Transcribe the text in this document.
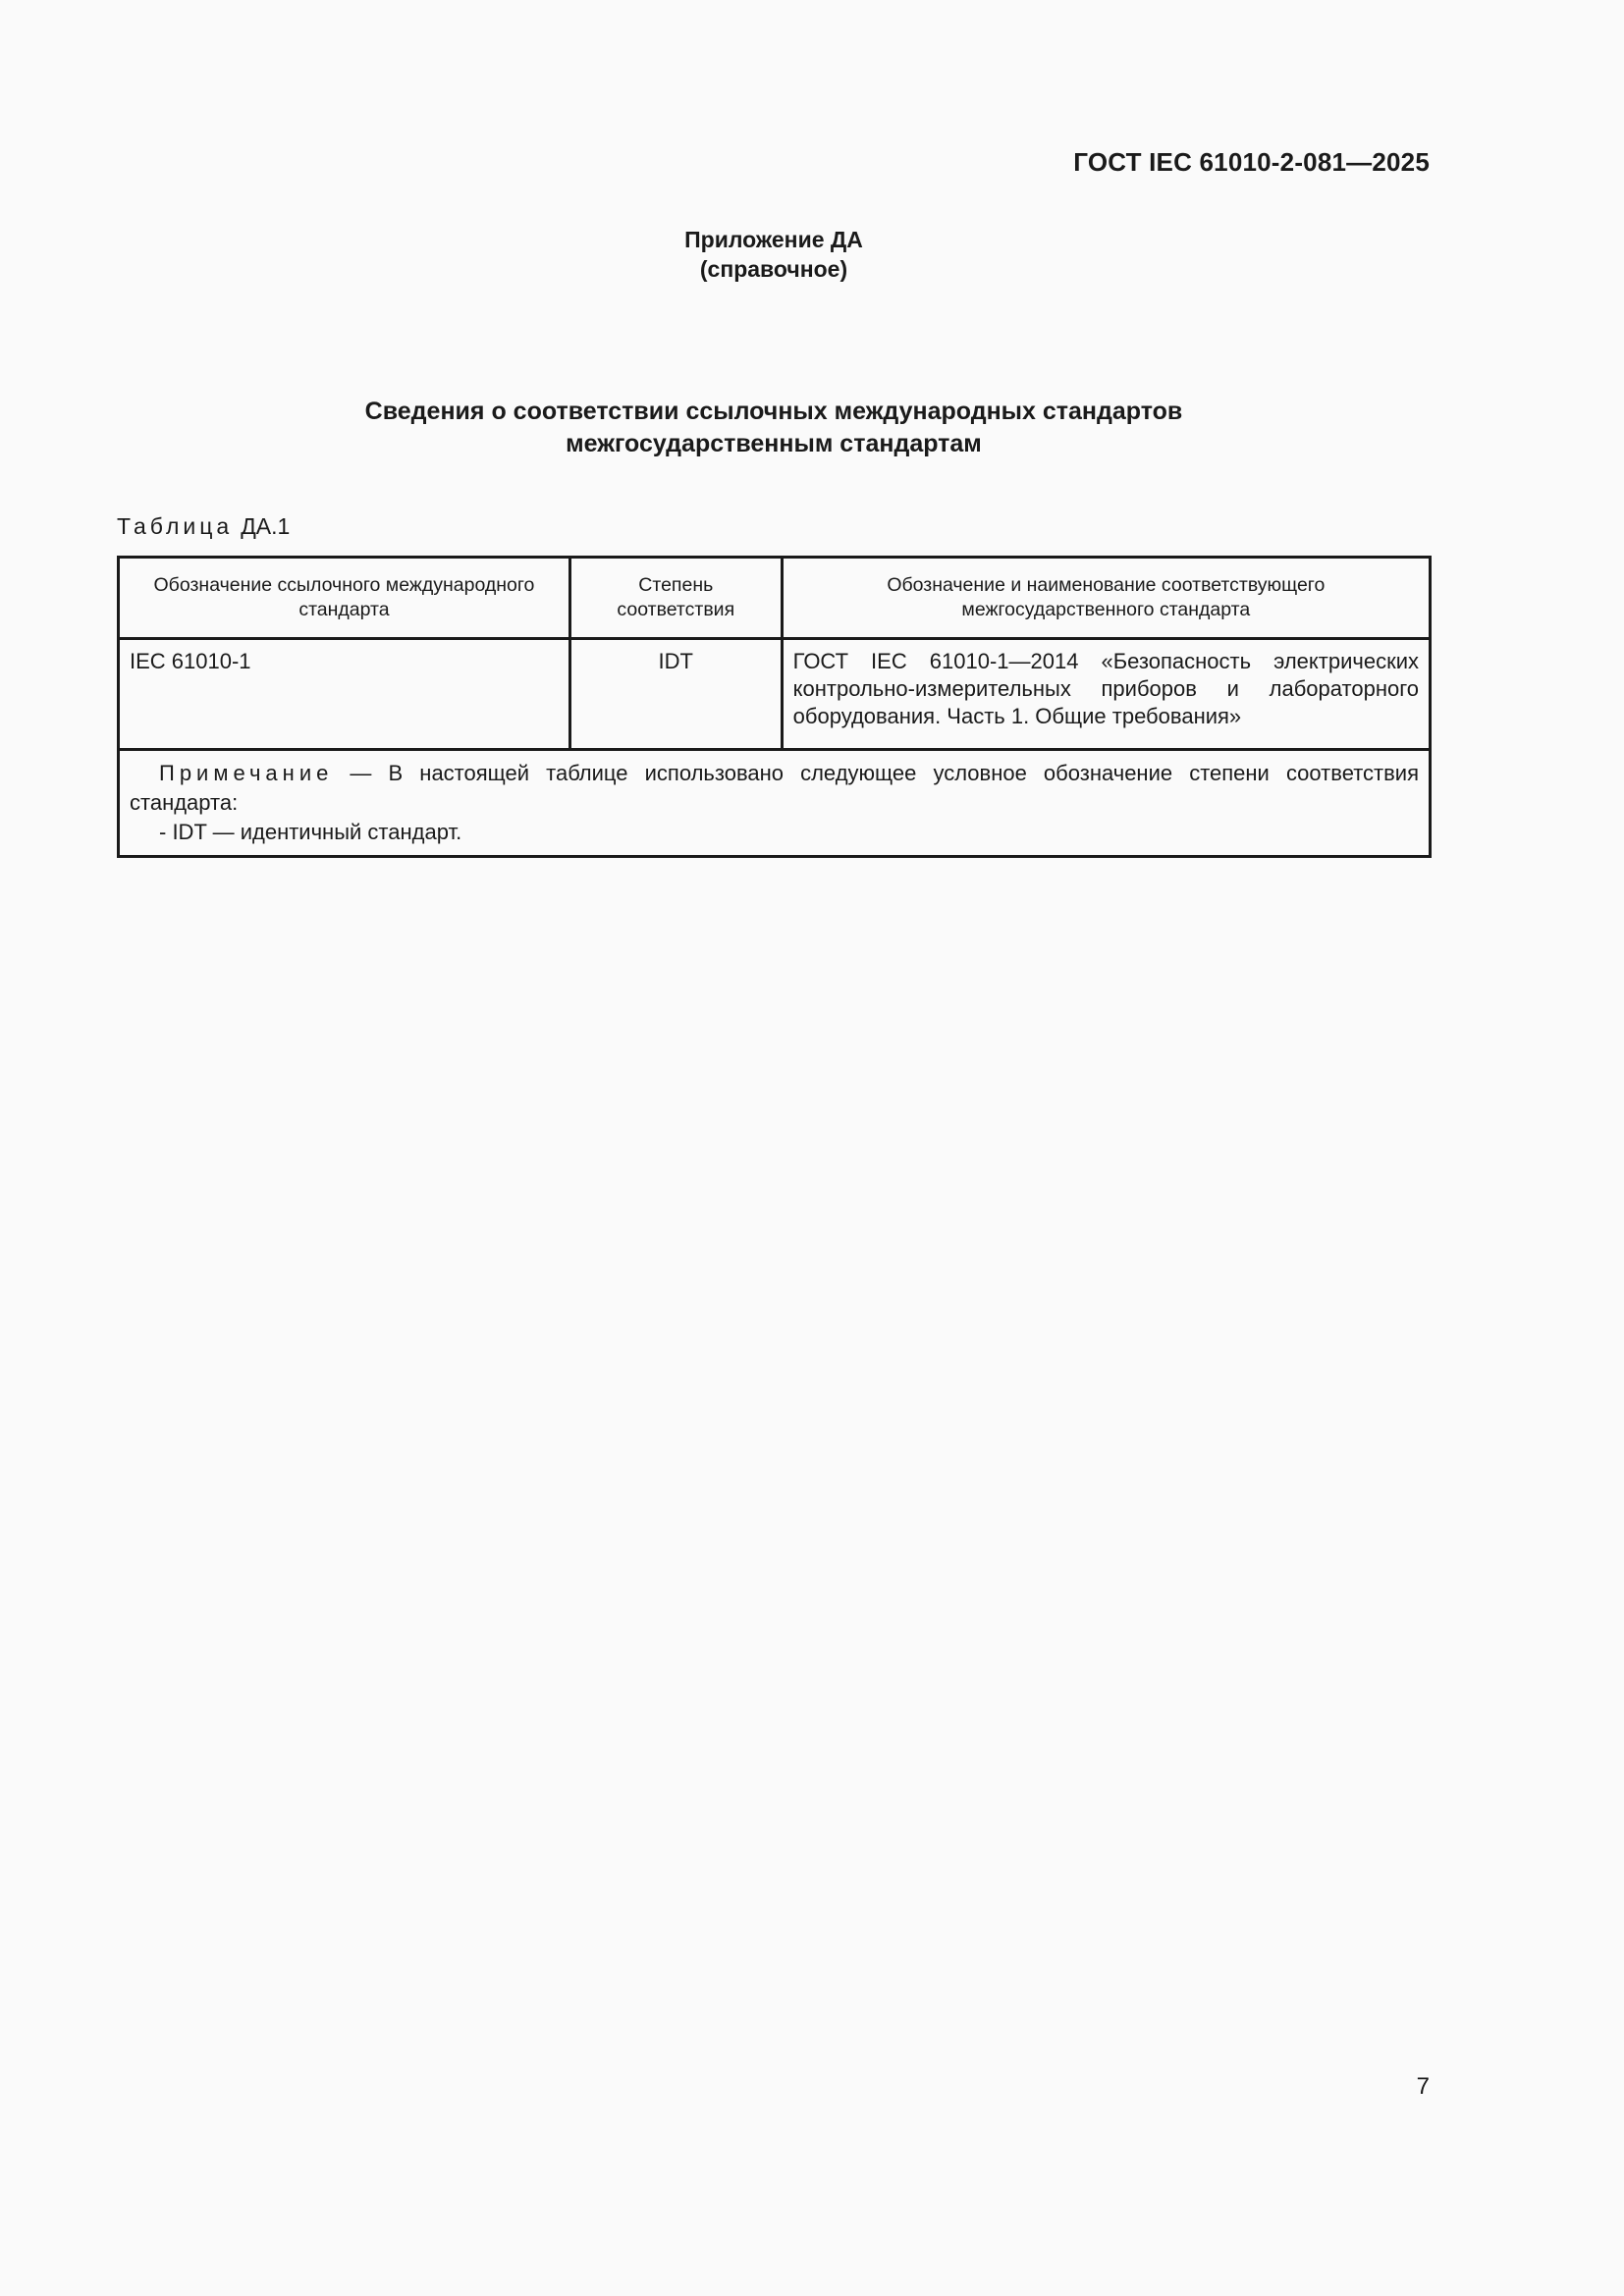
ГОСТ IEC 61010-2-081—2025
Приложение ДА
(справочное)
Сведения о соответствии ссылочных международных стандартов
межгосударственным стандартам
Таблица ДА.1
Обозначение ссылочного международного стандарта	Степень соответствия	Обозначение и наименование соответствующего межгосударственного стандарта
IEC 61010-1	IDT	ГОСТ IEC 61010-1—2014 «Безопасность электрических контрольно-измерительных приборов и лабораторного оборудования. Часть 1. Общие требования»
Примечание — В настоящей таблице использовано следующее условное обозначение степени соответствия стандарта:
- IDT — идентичный стандарт.		
7
